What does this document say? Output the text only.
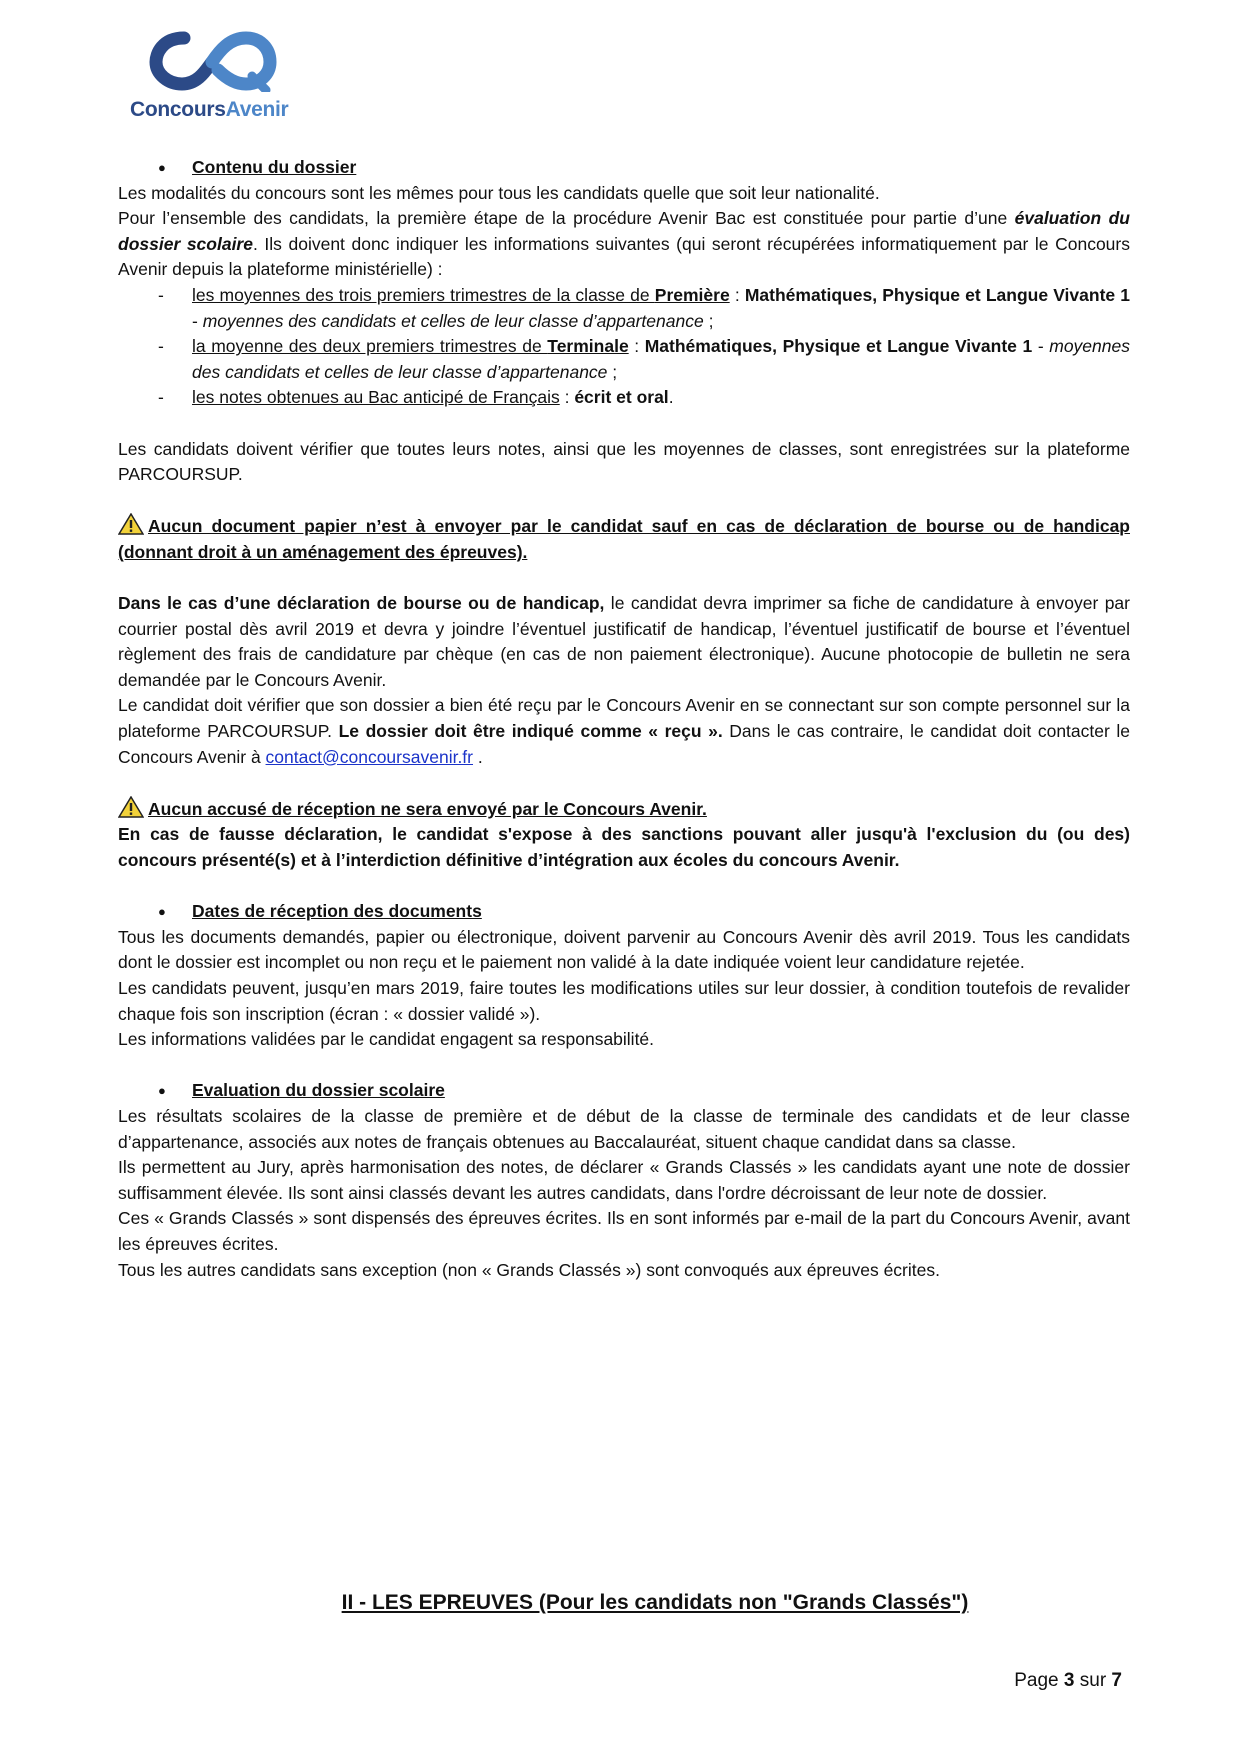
ConcoursAvenir

● Contenu du dossier

Les modalités du concours sont les mêmes pour tous les candidats quelle que soit leur nationalité.

Pour l’ensemble des candidats, la première étape de la procédure Avenir Bac est constituée pour partie d’une évaluation du dossier scolaire. Ils doivent donc indiquer les informations suivantes (qui seront récupérées informatiquement par le Concours Avenir depuis la plateforme ministérielle) :

- les moyennes des trois premiers trimestres de la classe de Première : Mathématiques, Physique et Langue Vivante 1 - moyennes des candidats et celles de leur classe d’appartenance ;

- la moyenne des deux premiers trimestres de Terminale : Mathématiques, Physique et Langue Vivante 1 - moyennes des candidats et celles de leur classe d’appartenance ;

- les notes obtenues au Bac anticipé de Français : écrit et oral.

Les candidats doivent vérifier que toutes leurs notes, ainsi que les moyennes de classes, sont enregistrées sur la plateforme PARCOURSUP.

Aucun document papier n’est à envoyer par le candidat sauf en cas de déclaration de bourse ou de handicap (donnant droit à un aménagement des épreuves).

Dans le cas d’une déclaration de bourse ou de handicap, le candidat devra imprimer sa fiche de candidature à envoyer par courrier postal dès avril 2019 et devra y joindre l’éventuel justificatif de handicap, l’éventuel justificatif de bourse et l’éventuel règlement des frais de candidature par chèque (en cas de non paiement électronique). Aucune photocopie de bulletin ne sera demandée par le Concours Avenir.

Le candidat doit vérifier que son dossier a bien été reçu par le Concours Avenir en se connectant sur son compte personnel sur la plateforme PARCOURSUP. Le dossier doit être indiqué comme « reçu ». Dans le cas contraire, le candidat doit contacter le Concours Avenir à contact@concoursavenir.fr .

Aucun accusé de réception ne sera envoyé par le Concours Avenir.

En cas de fausse déclaration, le candidat s'expose à des sanctions pouvant aller jusqu'à l'exclusion du (ou des) concours présenté(s) et à l’interdiction définitive d’intégration aux écoles du concours Avenir.

● Dates de réception des documents

Tous les documents demandés, papier ou électronique, doivent parvenir au Concours Avenir dès avril 2019. Tous les candidats dont le dossier est incomplet ou non reçu et le paiement non validé à la date indiquée voient leur candidature rejetée.

Les candidats peuvent, jusqu’en mars 2019, faire toutes les modifications utiles sur leur dossier, à condition toutefois de revalider chaque fois son inscription (écran : « dossier validé »).

Les informations validées par le candidat engagent sa responsabilité.

● Evaluation du dossier scolaire

Les résultats scolaires de la classe de première et de début de la classe de terminale des candidats et de leur classe d’appartenance, associés aux notes de français obtenues au Baccalauréat, situent chaque candidat dans sa classe.

Ils permettent au Jury, après harmonisation des notes, de déclarer « Grands Classés » les candidats ayant une note de dossier suffisamment élevée. Ils sont ainsi classés devant les autres candidats, dans l'ordre décroissant de leur note de dossier.

Ces « Grands Classés » sont dispensés des épreuves écrites. Ils en sont informés par e-mail de la part du Concours Avenir, avant les épreuves écrites.

Tous les autres candidats sans exception (non « Grands Classés ») sont convoqués aux épreuves écrites.

II - LES EPREUVES (Pour les candidats non "Grands Classés")
Page 3 sur 7
